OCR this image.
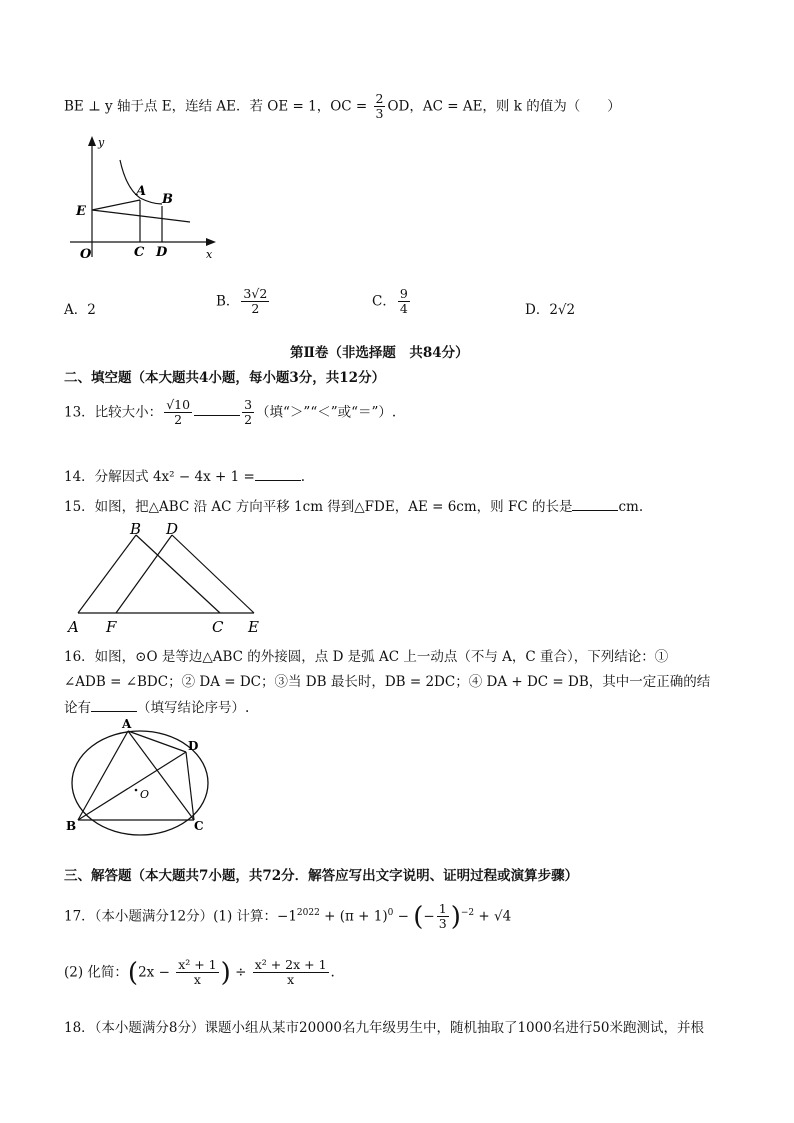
BE ⊥ y 轴于点 E，连结 AE．若 OE = 1，OC = $\frac{2}{3}$ OD，AC = AE，则 k 的值为（　　）
y
x
O
E
A
B
C D
A．2
B． $\frac{3√2}{2}$	C． $\frac{9}{4}$	D．2√2
第Ⅱ卷（非选择题　共84分）
二、填空题（本大题共4小题，每小题3分，共12分）
13．比较大小： $\frac{√10}{2}$	$\frac{3}{2}$ （填“＞”“＜”或“＝”）.
14．分解因式 4x² − 4x + 1 =	.
15．如图，把△ABC 沿 AC 方向平移 1cm 得到△FDE，AE = 6cm，则 FC 的长是	cm.
B D
A F	C E
16．如图，⊙O 是等边△ABC 的外接圆，点 D 是弧 AC 上一动点（不与 A，C 重合），下列结论：①
∠ADB = ∠BDC；② DA = DC；③当 DB 最长时，DB = 2DC；④ DA + DC = DB，其中一定正确的结
论有	（填写结论序号）.
A
D
O
B	C
三、解答题（本大题共7小题，共72分．解答应写出文字说明、证明过程或演算步骤）
17．（本小题满分12分）(1) 计算：$-1^{2022} + (\pi + 1)^0$ − (− $\frac{1}{3} )^{-2} + √4$
(2) 化简：($2x - \frac{\text{x² + 1}}{x}$ ) ÷ $\frac{\text{x² + 2x + 1}}{x}$ .
18．（本小题满分8分）课题小组从某市20000名九年级男生中，随机抽取了1000名进行50米跑测试，并根
